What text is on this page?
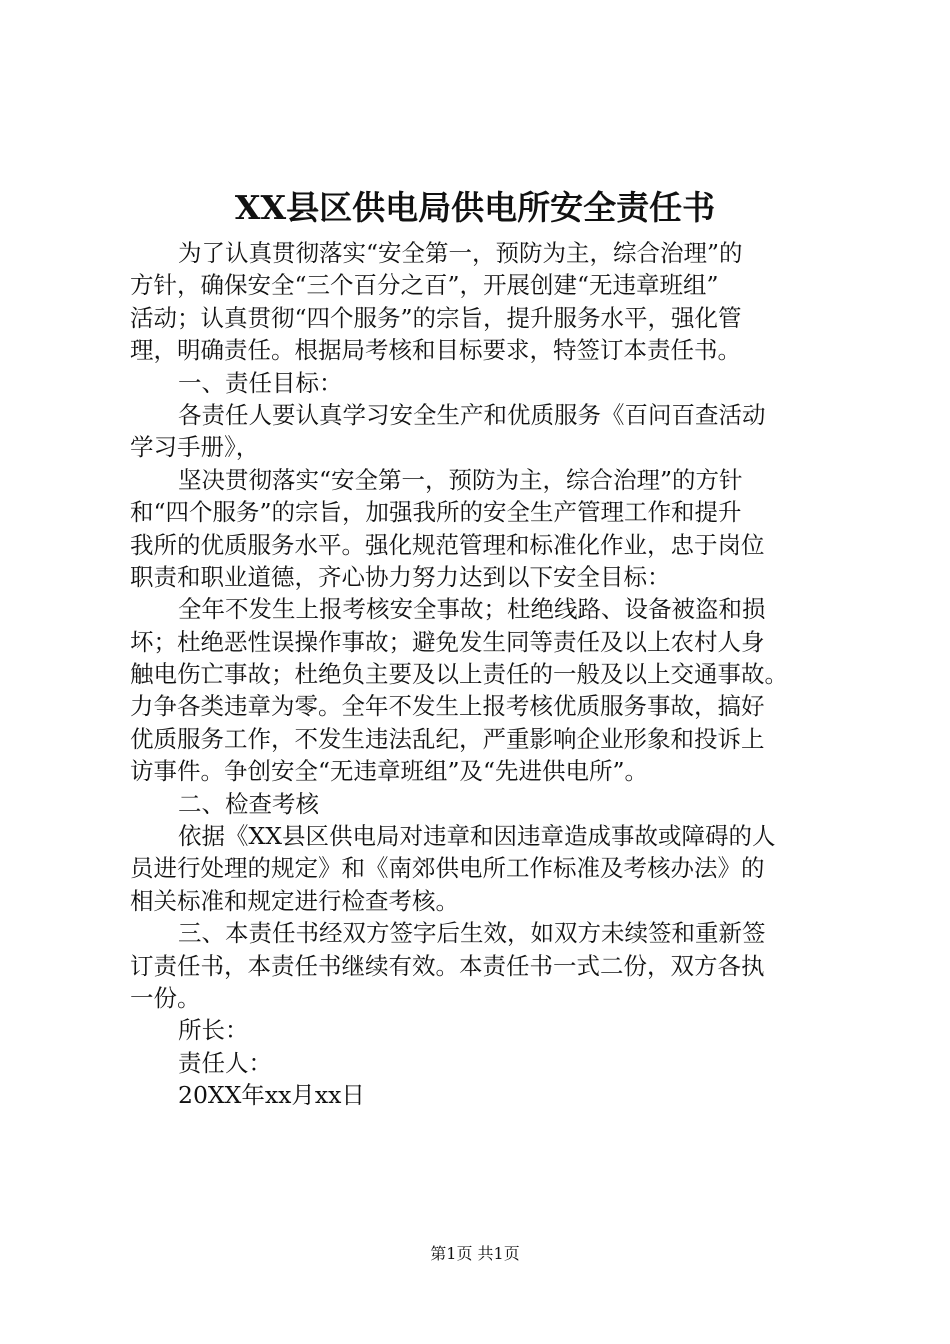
XX县区供电局供电所安全责任书
为了认真贯彻落实“安全第一，预防为主，综合治理”的
方针，确保安全“三个百分之百”，开展创建“无违章班组”
活动；认真贯彻“四个服务”的宗旨，提升服务水平，强化管
理，明确责任。根据局考核和目标要求，特签订本责任书。
一、责任目标：
各责任人要认真学习安全生产和优质服务《百问百查活动
学习手册》，
坚决贯彻落实“安全第一，预防为主，综合治理”的方针
和“四个服务”的宗旨，加强我所的安全生产管理工作和提升
我所的优质服务水平。强化规范管理和标准化作业，忠于岗位
职责和职业道德，齐心协力努力达到以下安全目标：
全年不发生上报考核安全事故；杜绝线路、设备被盗和损
坏；杜绝恶性误操作事故；避免发生同等责任及以上农村人身
触电伤亡事故；杜绝负主要及以上责任的一般及以上交通事故。
力争各类违章为零。全年不发生上报考核优质服务事故，搞好
优质服务工作，不发生违法乱纪，严重影响企业形象和投诉上
访事件。争创安全“无违章班组”及“先进供电所”。
二、检查考核
依据《XX县区供电局对违章和因违章造成事故或障碍的人
员进行处理的规定》和《南郊供电所工作标准及考核办法》的
相关标准和规定进行检查考核。
三、本责任书经双方签字后生效，如双方未续签和重新签
订责任书，本责任书继续有效。本责任书一式二份，双方各执
一份。
所长：
责任人：
20XX年xx月xx日
第1页 共1页
